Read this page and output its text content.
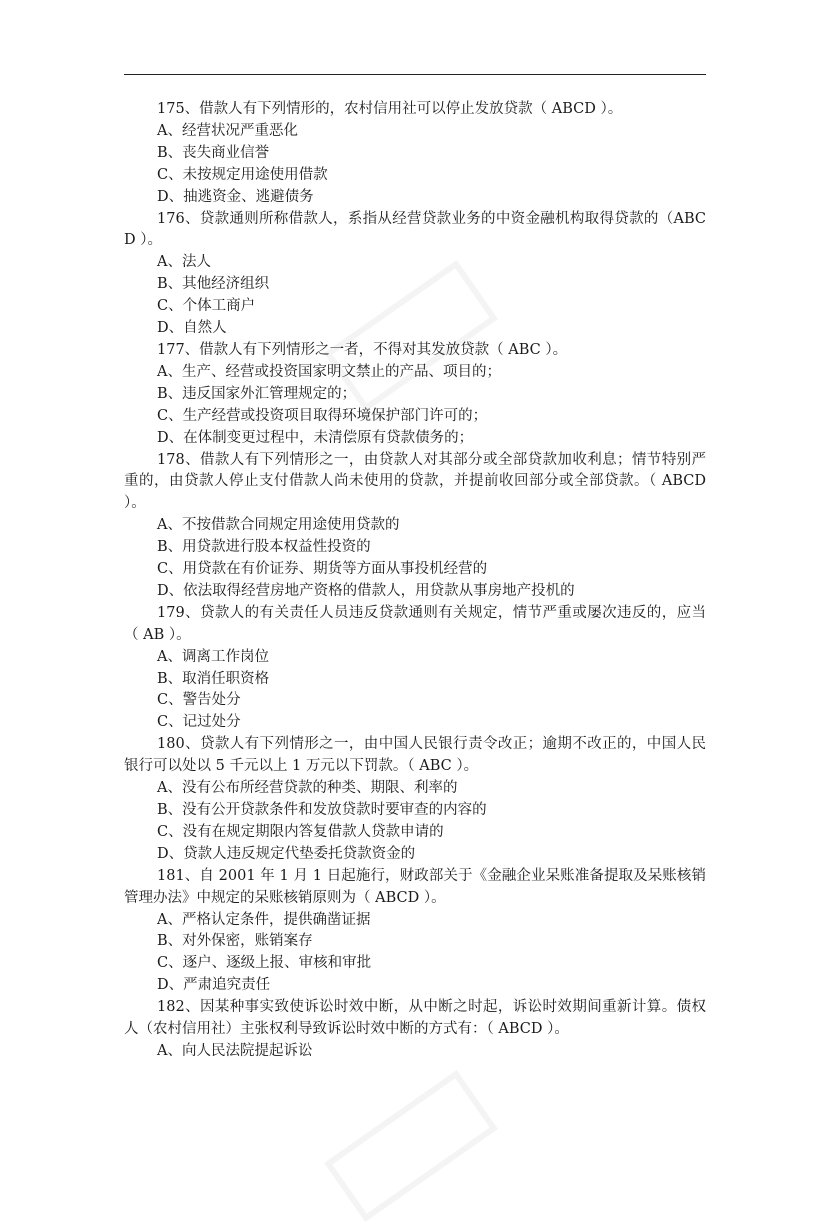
175、借款人有下列情形的，农村信用社可以停止发放贷款（ ABCD ）。

A、经营状况严重恶化

B、丧失商业信誉

C、未按规定用途使用借款

D、抽逃资金、逃避债务

176、贷款通则所称借款人，系指从经营贷款业务的中资金融机构取得贷款的（ABCD ）。

A、法人

B、其他经济组织

C、个体工商户

D、自然人

177、借款人有下列情形之一者，不得对其发放贷款（ ABC ）。

A、生产、经营或投资国家明文禁止的产品、项目的；

B、违反国家外汇管理规定的；

C、生产经营或投资项目取得环境保护部门许可的；

D、在体制变更过程中，未清偿原有贷款债务的；

178、借款人有下列情形之一，由贷款人对其部分或全部贷款加收利息；情节特别严重的，由贷款人停止支付借款人尚未使用的贷款，并提前收回部分或全部贷款。（ ABCD ）。

A、不按借款合同规定用途使用贷款的

B、用贷款进行股本权益性投资的

C、用贷款在有价证券、期货等方面从事投机经营的

D、依法取得经营房地产资格的借款人，用贷款从事房地产投机的

179、贷款人的有关责任人员违反贷款通则有关规定，情节严重或屡次违反的，应当（ AB ）。

A、调离工作岗位

B、取消任职资格

C、警告处分

C、记过处分

180、贷款人有下列情形之一，由中国人民银行责令改正；逾期不改正的，中国人民银行可以处以 5 千元以上 1 万元以下罚款。（ ABC ）。

A、没有公布所经营贷款的种类、期限、利率的

B、没有公开贷款条件和发放贷款时要审查的内容的

C、没有在规定期限内答复借款人贷款申请的

D、贷款人违反规定代垫委托贷款资金的

181、自 2001 年 1 月 1 日起施行，财政部关于《金融企业呆账准备提取及呆账核销管理办法》中规定的呆账核销原则为（ ABCD ）。

A、严格认定条件，提供确凿证据

B、对外保密，账销案存

C、逐户、逐级上报、审核和审批

D、严肃追究责任

182、因某种事实致使诉讼时效中断，从中断之时起，诉讼时效期间重新计算。债权人（农村信用社）主张权利导致诉讼时效中断的方式有：（ ABCD ）。

A、向人民法院提起诉讼
